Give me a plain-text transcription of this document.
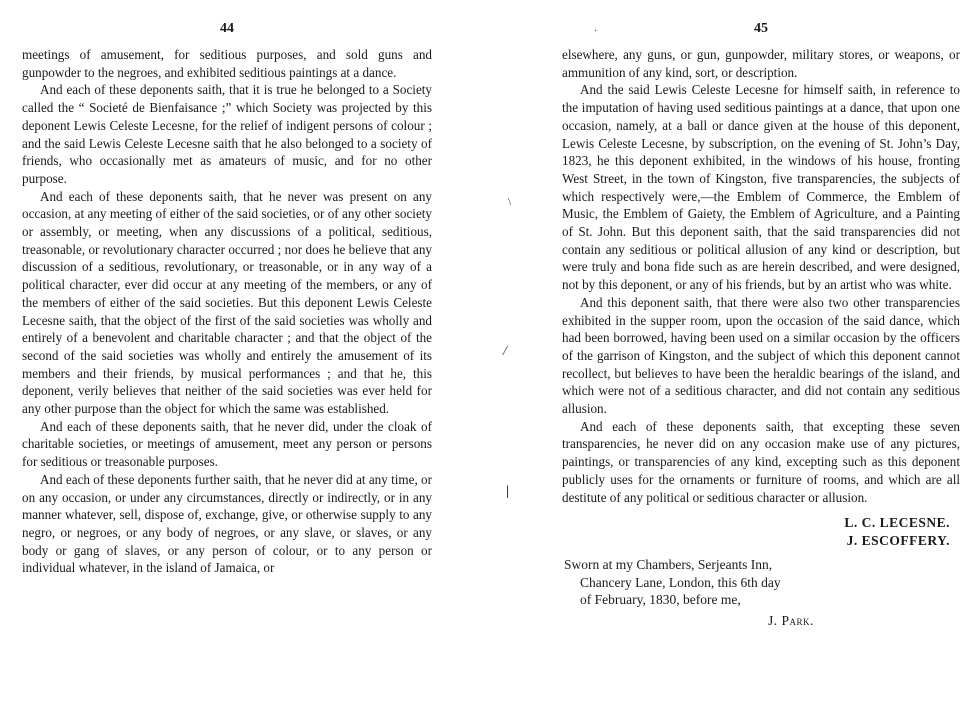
44

meetings of amusement, for seditious purposes, and sold guns and gunpowder to the negroes, and exhibited seditious paintings at a dance.

And each of these deponents saith, that it is true he belonged to a Society called the “ Societé de Bienfaisance ;” which Society was projected by this deponent Lewis Celeste Lecesne, for the relief of indigent persons of colour ; and the said Lewis Celeste Lecesne saith that he also belonged to a society of friends, who occasionally met as amateurs of music, and for no other purpose.

And each of these deponents saith, that he never was present on any occasion, at any meeting of either of the said societies, or of any other society or assembly, or meeting, when any discussions of a political, seditious, treasonable, or revolutionary character occurred ; nor does he believe that any discussion of a seditious, revolutionary, or treasonable, or in any way of a political character, ever did occur at any meeting of the members, or any of the members of either of the said societies. But this deponent Lewis Celeste Lecesne saith, that the object of the first of the said societies was wholly and entirely of a benevolent and charitable character ; and that the object of the second of the said societies was wholly and entirely the amusement of its members and their friends, by musical performances ; and that he, this deponent, verily believes that neither of the said societies was ever held for any other purpose than the object for which the same was established.

And each of these deponents saith, that he never did, under the cloak of charitable societies, or meetings of amusement, meet any person or persons for seditious or treasonable purposes.

And each of these deponents further saith, that he never did at any time, or on any occasion, or under any circumstances, directly or indirectly, or in any manner whatever, sell, dispose of, exchange, give, or otherwise supply to any negro, or negroes, or any body of negroes, or any slave, or slaves, or any body or gang of slaves, or any person of colour, or to any person or individual whatever, in the island of Jamaica, or

\
/
|
.	45

elsewhere, any guns, or gun, gunpowder, military stores, or weapons, or ammunition of any kind, sort, or description.

And the said Lewis Celeste Lecesne for himself saith, in reference to the imputation of having used seditious paintings at a dance, that upon one occasion, namely, at a ball or dance given at the house of this deponent, Lewis Celeste Lecesne, by subscription, on the evening of St. John’s Day, 1823, he this deponent exhibited, in the windows of his house, fronting West Street, in the town of Kingston, five transparencies, the subjects of which respectively were,—the Emblem of Commerce, the Emblem of Music, the Emblem of Gaiety, the Emblem of Agriculture, and a Painting of St. John. But this deponent saith, that the said transparencies did not contain any seditious or political allusion of any kind or description, but were truly and bona fide such as are herein described, and were designed, not by this deponent, or any of his friends, but by an artist who was white.

And this deponent saith, that there were also two other transparencies exhibited in the supper room, upon the occasion of the said dance, which had been borrowed, having been used on a similar occasion by the officers of the garrison of Kingston, and the subject of which this deponent cannot recollect, but believes to have been the heraldic bearings of the island, and which were not of a seditious character, and did not contain any seditious allusion.

And each of these deponents saith, that excepting these seven transparencies, he never did on any occasion make use of any pictures, paintings, or transparencies of any kind, excepting such as this deponent publicly uses for the ornaments or furniture of rooms, and which are all destitute of any political or seditious character or allusion.

L. C. LECESNE.
J. ESCOFFERY.
Sworn at my Chambers, Serjeants Inn,
Chancery Lane, London, this 6th day
of February, 1830, before me,
J. Park.
